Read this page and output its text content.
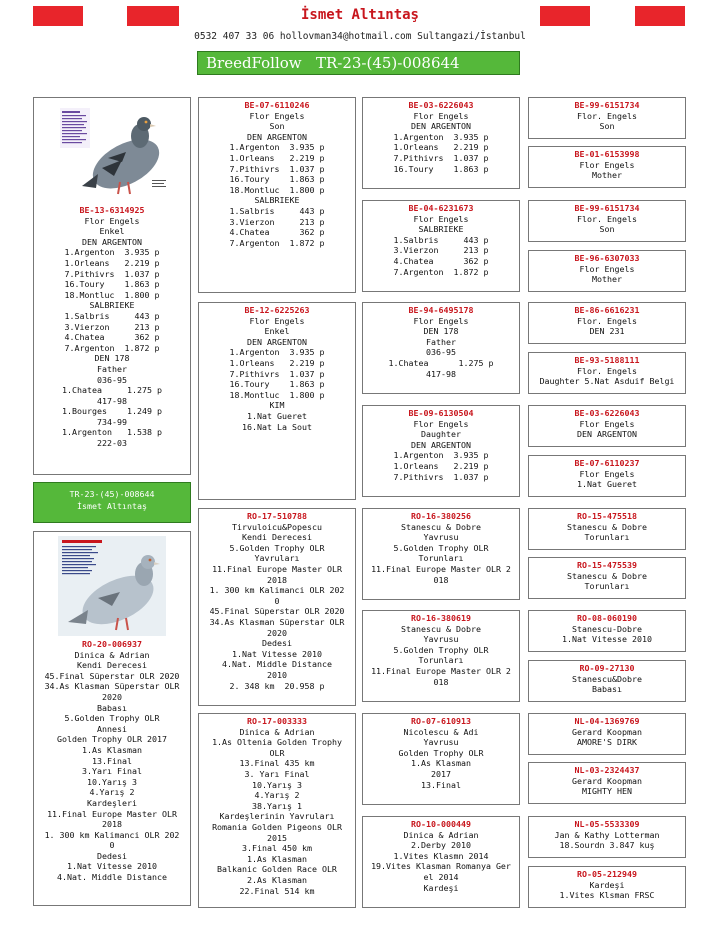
İsmet Altıntaş
0532 407 33 06 hollovman34@hotmail.com Sultangazi/İstanbul
BreedFollow
TR-23-(45)-008644
BE-13-6314925
Flor Engels
Enkel
DEN ARGENTON
1.Argenton  3.935 p
1.Orleans   2.219 p
7.Pithivrs  1.037 p
16.Toury    1.863 p
18.Montluc  1.800 p
SALBRIEKE
1.Salbris     443 p
3.Vierzon     213 p
4.Chatea      362 p
7.Argenton  1.872 p
DEN 178
Father
036-95
1.Chatea     1.275 p
417-98
1.Bourges    1.249 p
734-99
1.Argenton   1.538 p
222-03
TR-23-(45)-008644
İsmet Altıntaş
RO-20-006937
Dinica & Adrian
Kendi Derecesi
45.Final Süperstar OLR 2020
34.As Klasman Süperstar OLR
2020
Babası
5.Golden Trophy OLR
Annesi
Golden Trophy OLR 2017
1.As Klasman
13.Final
3.Yarı Final
10.Yarış 3
4.Yarış 2
Kardeşleri
11.Final Europe Master OLR
2018
1. 300 km Kalimanci OLR 202
0
Dedesi
1.Nat Vitesse 2010
4.Nat. Middle Distance
BE-07-6110246
Flor Engels
Son
DEN ARGENTON
1.Argenton  3.935 p
1.Orleans   2.219 p
7.Pithivrs  1.037 p
16.Toury    1.863 p
18.Montluc  1.800 p
SALBRIEKE
1.Salbris     443 p
3.Vierzon     213 p
4.Chatea      362 p
7.Argenton  1.872 p
BE-12-6225263
Flor Engels
Enkel
DEN ARGENTON
1.Argenton  3.935 p
1.Orleans   2.219 p
7.Pithivrs  1.037 p
16.Toury    1.863 p
18.Montluc  1.800 p
KIM
1.Nat Gueret
16.Nat La Sout
RO-17-510788
Tirvuloicu&Popescu
Kendi Derecesi
5.Golden Trophy OLR
Yavruları
11.Final Europe Master OLR
2018
1. 300 km Kalimanci OLR 202
0
45.Final Süperstar OLR 2020
34.As Klasman Süperstar OLR
2020
Dedesi
1.Nat Vitesse 2010
4.Nat. Middle Distance
2010
2. 348 km  20.958 p
RO-17-003333
Dinica & Adrian
1.As Oltenia Golden Trophy
OLR
13.Final 435 km
3. Yarı Final
10.Yarış 3
4.Yarış 2
38.Yarış 1
Kardeşlerinin Yavruları
Romania Golden Pigeons OLR
2015
3.Final 450 km
1.As Klasman
Balkanic Golden Race OLR
2.As Klasman
22.Final 514 km
BE-03-6226043
Flor Engels
DEN ARGENTON
1.Argenton  3.935 p
1.Orleans   2.219 p
7.Pithivrs  1.037 p
16.Toury    1.863 p
BE-04-6231673
Flor Engels
SALBRIEKE
1.Salbris     443 p
3.Vierzon     213 p
4.Chatea      362 p
7.Argenton  1.872 p
BE-94-6495178
Flor Engels
DEN 178
Father
036-95
1.Chatea      1.275 p
417-98
BE-09-6130504
Flor Engels
Daughter
DEN ARGENTON
1.Argenton  3.935 p
1.Orleans   2.219 p
7.Pithivrs  1.037 p
RO-16-380256
Stanescu & Dobre
Yavrusu
5.Golden Trophy OLR
Torunları
11.Final Europe Master OLR 2
018
RO-16-380619
Stanescu & Dobre
Yavrusu
5.Golden Trophy OLR
Torunları
11.Final Europe Master OLR 2
018
RO-07-610913
Nicolescu & Adi
Yavrusu
Golden Trophy OLR
1.As Klasman
2017
13.Final
RO-10-000449
Dinica & Adrian
2.Derby 2010
1.Vites Klasmn 2014
19.Vites Klasman Romanya Ger
el 2014
Kardeşi
BE-99-6151734
Flor. Engels
Son
BE-01-6153998
Flor Engels
Mother
BE-99-6151734
Flor. Engels
Son
BE-96-6307033
Flor Engels
Mother
BE-86-6616231
Flor. Engels
DEN 231
BE-93-5188111
Flor. Engels
Daughter 5.Nat Asduif Belgi
BE-03-6226043
Flor Engels
DEN ARGENTON
BE-07-6110237
Flor Engels
1.Nat Gueret
RO-15-475518
Stanescu & Dobre
Torunları
RO-15-475539
Stanescu & Dobre
Torunları
RO-08-060190
Stanescu-Dobre
1.Nat Vitesse 2010
RO-09-27130
Stanescu&Dobre
Babası
NL-04-1369769
Gerard Koopman
AMORE'S DIRK
NL-03-2324437
Gerard Koopman
MIGHTY HEN
NL-05-5533309
Jan & Kathy Lotterman
18.Sourdn 3.847 kuş
RO-05-212949
Kardeşi
1.Vites Klsman FRSC
